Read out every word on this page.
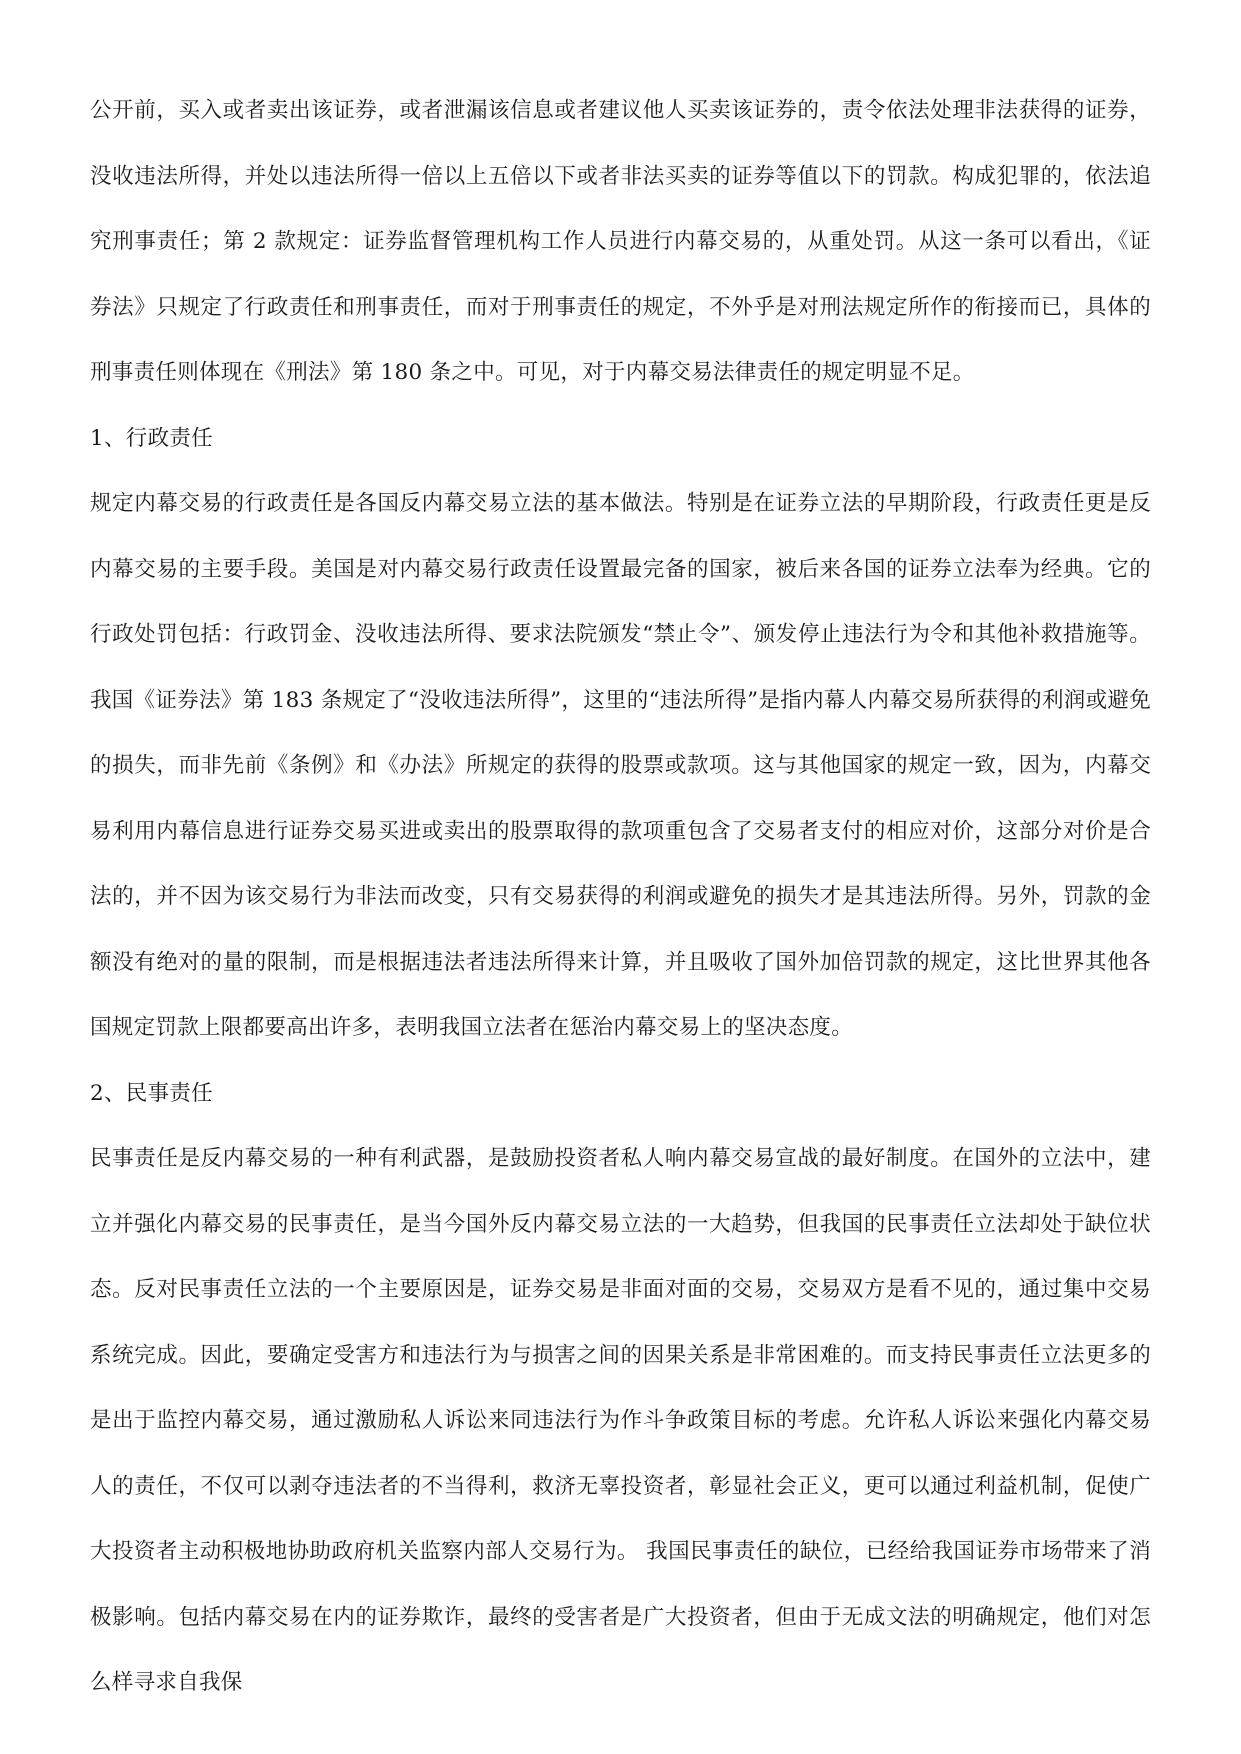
公开前，买入或者卖出该证券，或者泄漏该信息或者建议他人买卖该证券的，责令依法处理非法获得的证券，没收违法所得，并处以违法所得一倍以上五倍以下或者非法买卖的证券等值以下的罚款。构成犯罪的，依法追究刑事责任；第 2 款规定：证券监督管理机构工作人员进行内幕交易的，从重处罚。从这一条可以看出，《证券法》只规定了行政责任和刑事责任，而对于刑事责任的规定，不外乎是对刑法规定所作的衔接而已，具体的刑事责任则体现在《刑法》第 180 条之中。可见，对于内幕交易法律责任的规定明显不足。

1、行政责任

规定内幕交易的行政责任是各国反内幕交易立法的基本做法。特别是在证券立法的早期阶段，行政责任更是反内幕交易的主要手段。美国是对内幕交易行政责任设置最完备的国家，被后来各国的证券立法奉为经典。它的行政处罚包括：行政罚金、没收违法所得、要求法院颁发“禁止令”、颁发停止违法行为令和其他补救措施等。我国《证券法》第 183 条规定了“没收违法所得”，这里的“违法所得”是指内幕人内幕交易所获得的利润或避免的损失，而非先前《条例》和《办法》所规定的获得的股票或款项。这与其他国家的规定一致，因为，内幕交易利用内幕信息进行证券交易买进或卖出的股票取得的款项重包含了交易者支付的相应对价，这部分对价是合法的，并不因为该交易行为非法而改变，只有交易获得的利润或避免的损失才是其违法所得。另外，罚款的金额没有绝对的量的限制，而是根据违法者违法所得来计算，并且吸收了国外加倍罚款的规定，这比世界其他各国规定罚款上限都要高出许多，表明我国立法者在惩治内幕交易上的坚决态度。

2、民事责任

民事责任是反内幕交易的一种有利武器，是鼓励投资者私人响内幕交易宣战的最好制度。在国外的立法中，建立并强化内幕交易的民事责任，是当今国外反内幕交易立法的一大趋势，但我国的民事责任立法却处于缺位状态。反对民事责任立法的一个主要原因是，证券交易是非面对面的交易，交易双方是看不见的，通过集中交易系统完成。因此，要确定受害方和违法行为与损害之间的因果关系是非常困难的。而支持民事责任立法更多的是出于监控内幕交易，通过激励私人诉讼来同违法行为作斗争政策目标的考虑。允许私人诉讼来强化内幕交易人的责任，不仅可以剥夺违法者的不当得利，救济无辜投资者，彰显社会正义，更可以通过利益机制，促使广大投资者主动积极地协助政府机关监察内部人交易行为。 我国民事责任的缺位，已经给我国证券市场带来了消极影响。包括内幕交易在内的证券欺诈，最终的受害者是广大投资者，但由于无成文法的明确规定，他们对怎么样寻求自我保
